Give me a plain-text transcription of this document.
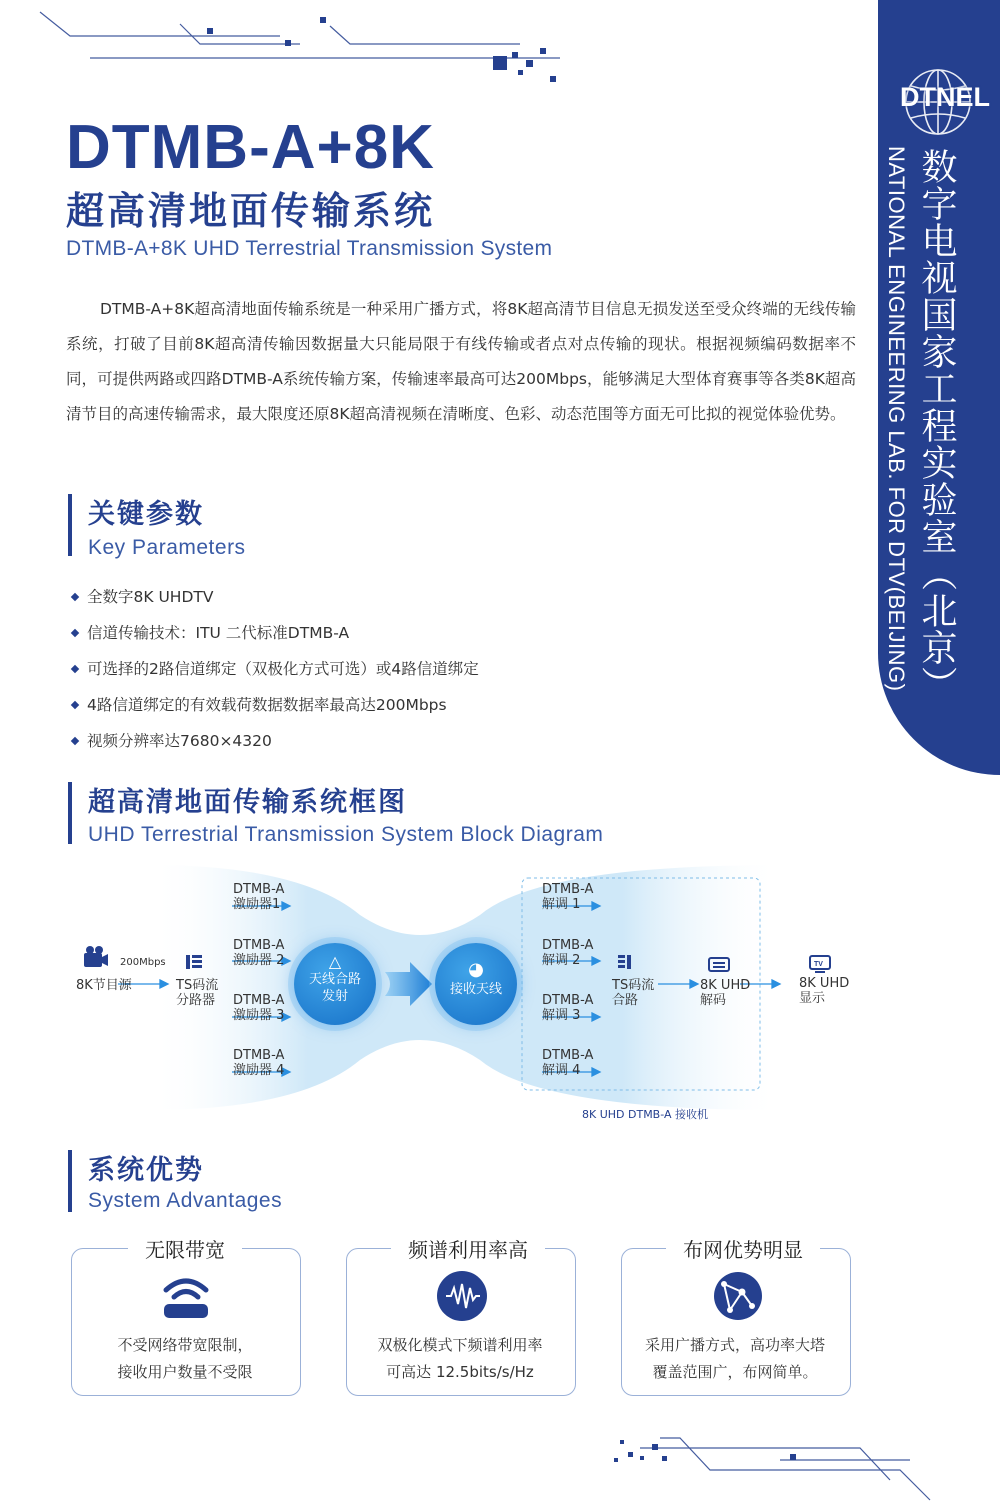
DTNEL
数字电视国家工程实验室（北京）
NATIONAL ENGINEERING LAB. FOR DTV(BEIJING)
DTMB-A+8K
超高清地面传输系统
DTMB-A+8K UHD Terrestrial Transmission System
DTMB-A+8K超高清地面传输系统是一种采用广播方式，将8K超高清节目信息无损发送至受众终端的无线传输系统，打破了目前8K超高清传输因数据量大只能局限于有线传输或者点对点传输的现状。根据视频编码数据率不同，可提供两路或四路DTMB-A系统传输方案，传输速率最高可达200Mbps，能够满足大型体育赛事等各类8K超高清节目的高速传输需求，最大限度还原8K超高清视频在清晰度、色彩、动态范围等方面无可比拟的视觉体验优势。
关键参数
Key Parameters
全数字8K UHDTV
信道传输技术：ITU 二代标准DTMB-A
可选择的2路信道绑定（双极化方式可选）或4路信道绑定
4路信道绑定的有效载荷数据数据率最高达200Mbps
视频分辨率达7680×4320
超高清地面传输系统框图
UHD Terrestrial Transmission System Block Diagram
TV
200Mbps
8K节目源	TS码流
分路器
DTMB-A
激励器1
DTMB-A
激励器 2
DTMB-A
激励器 3
DTMB-A
激励器 4
△
天线合路
发射
◕
接收天线
DTMB-A
解调 1
DTMB-A
解调 2
DTMB-A
解调 3
DTMB-A
解调 4
TS码流
合路
8K UHD
解码
8K UHD
显示
8K UHD DTMB-A 接收机
系统优势
System Advantages
无限带宽
不受网络带宽限制，
接收用户数量不受限
频谱利用率高
双极化模式下频谱利用率
可高达 12.5bits/s/Hz
布网优势明显
采用广播方式，高功率大塔
覆盖范围广，布网简单。
